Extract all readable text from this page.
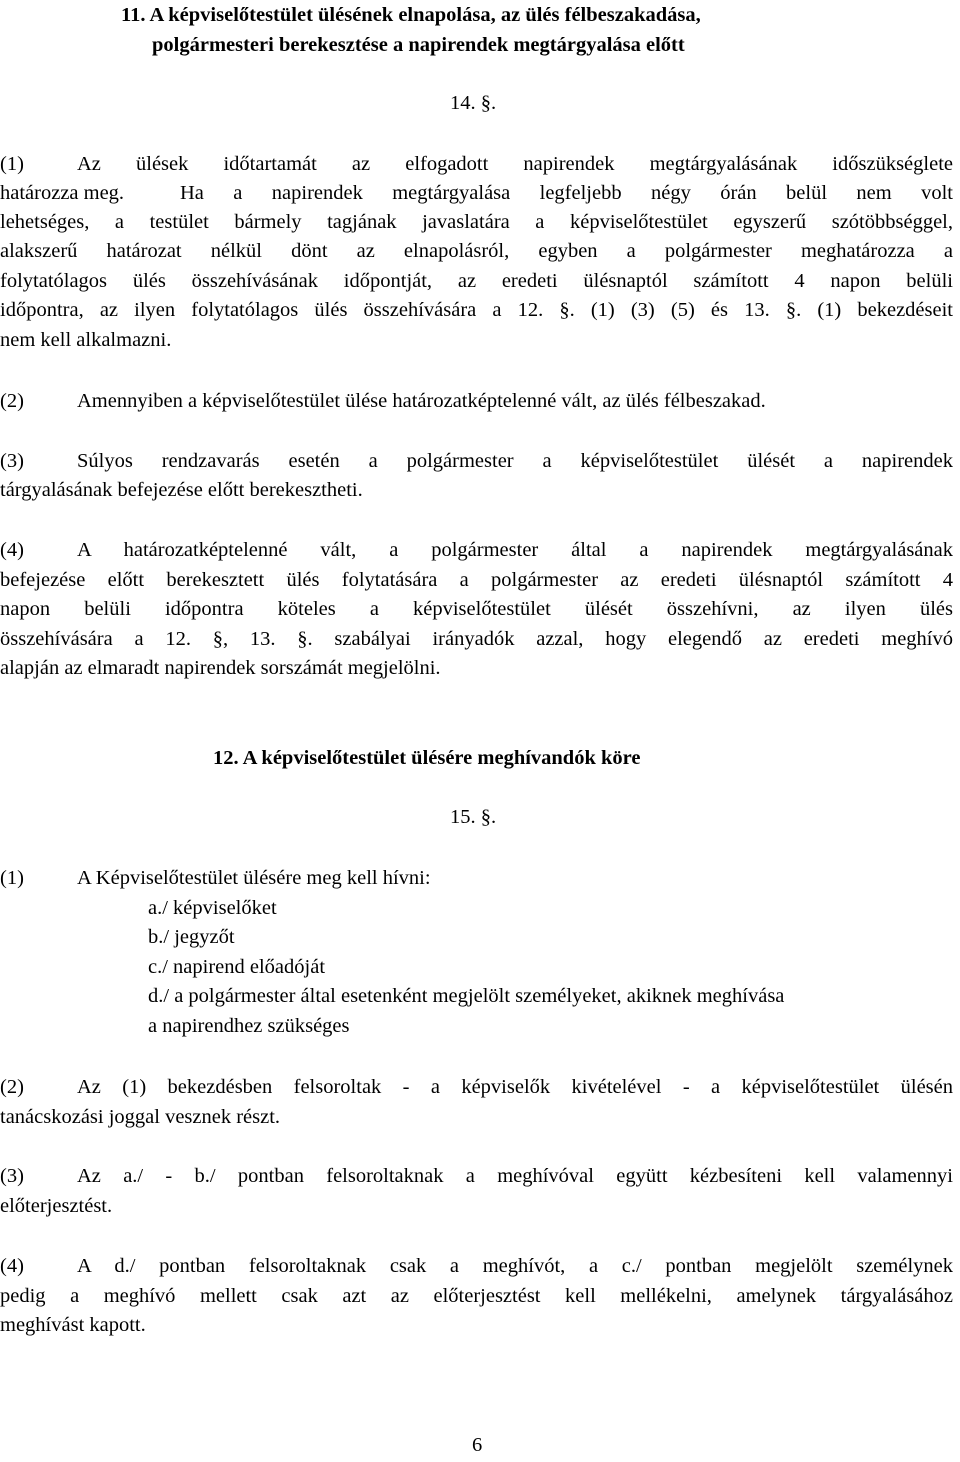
11. A képviselőtestület ülésének elnapolása, az ülés félbeszakadása,
polgármesteri berekesztése a napirendek megtárgyalása előtt
14. §.
(1)	Az ülések időtartamát az elfogadott napirendek megtárgyalásának időszükséglete
határozza meg.	Ha a napirendek megtárgyalása legfeljebb négy órán belül nem volt
lehetséges, a testület bármely tagjának javaslatára a képviselőtestület egyszerű szótöbbséggel,
alakszerű határozat nélkül dönt az elnapolásról, egyben a polgármester meghatározza a
folytatólagos ülés összehívásának időpontját, az eredeti ülésnaptól számított 4 napon belüli
időpontra, az ilyen folytatólagos ülés összehívására a 12. §. (1) (3) (5) és 13. §. (1) bekezdéseit
nem kell alkalmazni.
(2)	Amennyiben a képviselőtestület ülése határozatképtelenné vált, az ülés félbeszakad.
(3)	Súlyos rendzavarás esetén a polgármester a képviselőtestület ülését a napirendek
tárgyalásának befejezése előtt berekesztheti.
(4)	A határozatképtelenné vált, a polgármester által a napirendek megtárgyalásának
befejezése előtt berekesztett ülés folytatására a polgármester az eredeti ülésnaptól számított 4
napon belüli időpontra köteles a képviselőtestület ülését összehívni, az ilyen ülés
összehívására a 12. §, 13. §. szabályai irányadók azzal, hogy elegendő az eredeti meghívó
alapján az elmaradt napirendek sorszámát megjelölni.
12. A képviselőtestület ülésére meghívandók köre
15. §.
(1)	A Képviselőtestület ülésére meg kell hívni:
a./ képviselőket
b./ jegyzőt
c./ napirend előadóját
d./ a polgármester által esetenként megjelölt személyeket, akiknek meghívása
a napirendhez szükséges
(2)	Az (1) bekezdésben felsoroltak - a képviselők kivételével - a képviselőtestület ülésén
tanácskozási joggal vesznek részt.
(3)	Az a./ - b./ pontban felsoroltaknak a meghívóval együtt kézbesíteni kell valamennyi
előterjesztést.
(4)	A d./ pontban felsoroltaknak csak a meghívót, a c./ pontban megjelölt személynek
pedig a meghívó mellett csak azt az előterjesztést kell mellékelni, amelynek tárgyalásához
meghívást kapott.
6
